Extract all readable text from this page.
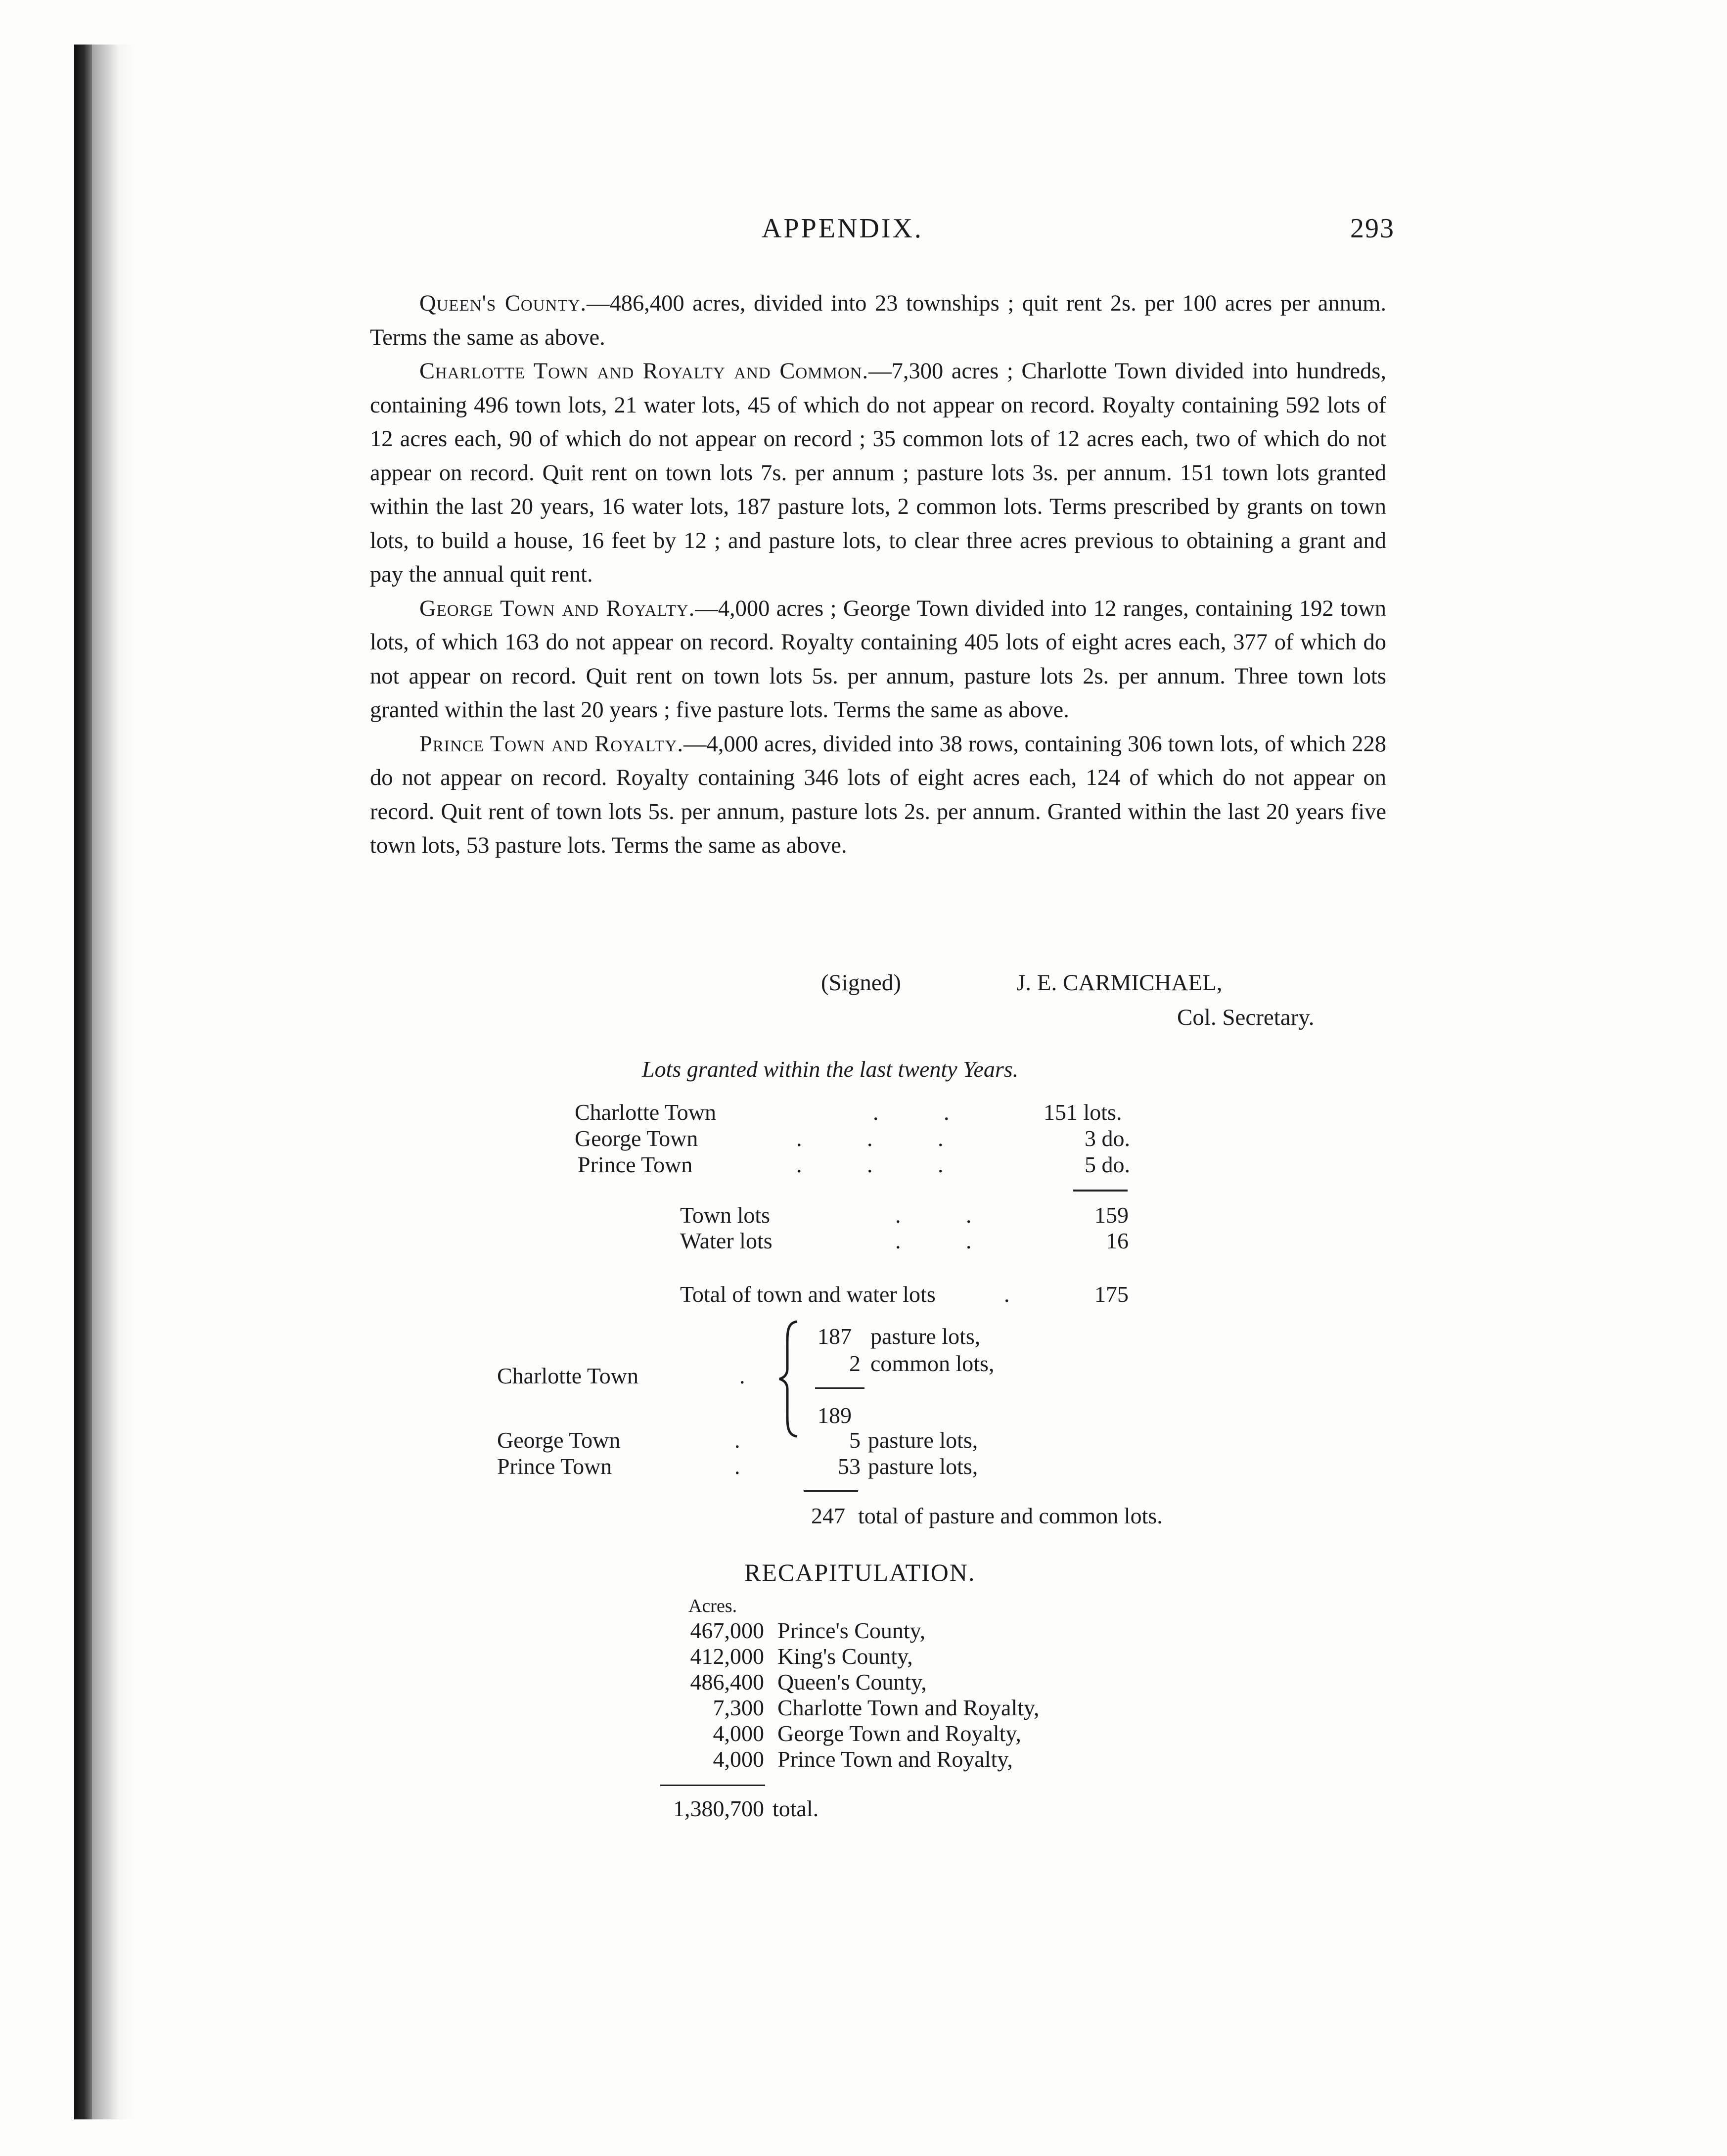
APPENDIX.	293

Queen's County.—486,400 acres, divided into 23 townships ; quit rent 2s. per 100 acres per annum. Terms the same as above.

Charlotte Town and Royalty and Common.—7,300 acres ; Charlotte Town divided into hundreds, containing 496 town lots, 21 water lots, 45 of which do not appear on record. Royalty containing 592 lots of 12 acres each, 90 of which do not appear on record ; 35 common lots of 12 acres each, two of which do not appear on record. Quit rent on town lots 7s. per annum ; pasture lots 3s. per annum. 151 town lots granted within the last 20 years, 16 water lots, 187 pasture lots, 2 common lots. Terms prescribed by grants on town lots, to build a house, 16 feet by 12 ; and pasture lots, to clear three acres previous to obtaining a grant and pay the annual quit rent.

George Town and Royalty.—4,000 acres ; George Town divided into 12 ranges, containing 192 town lots, of which 163 do not appear on record. Royalty containing 405 lots of eight acres each, 377 of which do not appear on record. Quit rent on town lots 5s. per annum, pasture lots 2s. per annum. Three town lots granted within the last 20 years ; five pasture lots. Terms the same as above.

Prince Town and Royalty.—4,000 acres, divided into 38 rows, containing 306 town lots, of which 228 do not appear on record. Royalty containing 346 lots of eight acres each, 124 of which do not appear on record. Quit rent of town lots 5s. per annum, pasture lots 2s. per annum. Granted within the last 20 years five town lots, 53 pasture lots. Terms the same as above.

(Signed)	J. E. CARMICHAEL,
Col. Secretary.
Lots granted within the last twenty Years.
Charlotte Town	. .	151 lots.
George Town	. . .	3 do.
Prince Town	. . .	5 do.
Town lots	. .	159
Water lots	. .	16
Total of town and water lots	.	175
187 pasture lots,
Charlotte Town	.	2 common lots,
189
George Town	.	5 pasture lots,
Prince Town	.	53 pasture lots,
247 total of pasture and common lots.
RECAPITULATION.
Acres.
467,000 Prince's County,
412,000 King's County,
486,400 Queen's County,
7,300 Charlotte Town and Royalty,
4,000 George Town and Royalty,
4,000 Prince Town and Royalty,
1,380,700 total.
